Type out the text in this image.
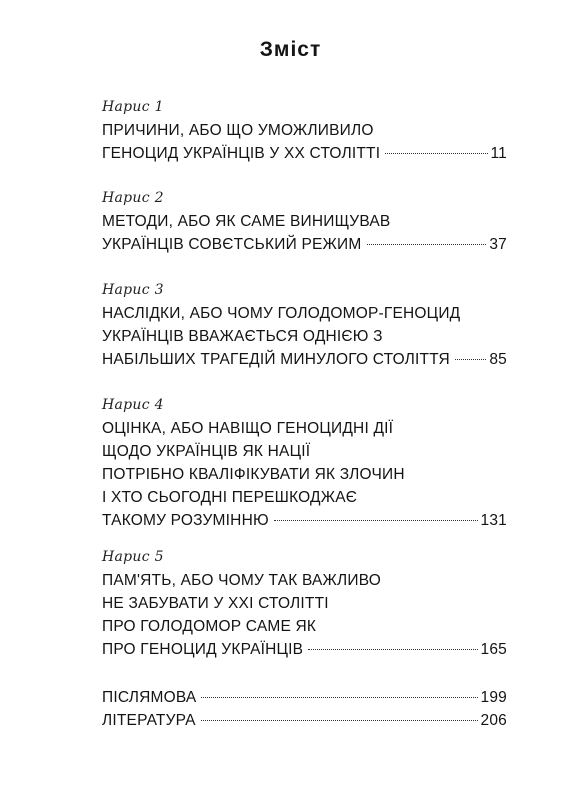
Зміст
Нарис 1
ПРИЧИНИ, АБО ЩО УМОЖЛИВИЛО
ГЕНОЦИД УКРАЇНЦІВ У XX СТОЛІТТІ	11
Нарис 2
МЕТОДИ, АБО ЯК САМЕ ВИНИЩУВАВ
УКРАЇНЦІВ СОВЄТСЬКИЙ РЕЖИМ	37
Нарис 3
НАСЛІДКИ, АБО ЧОМУ ГОЛОДОМОР-ГЕНОЦИД
УКРАЇНЦІВ ВВАЖАЄТЬСЯ ОДНІЄЮ З
НАБІЛЬШИХ ТРАГЕДІЙ МИНУЛОГО СТОЛІТТЯ	85
Нарис 4
ОЦІНКА, АБО НАВІЩО ГЕНОЦИДНІ ДІЇ
ЩОДО УКРАЇНЦІВ ЯК НАЦІЇ
ПОТРІБНО КВАЛІФІКУВАТИ ЯК ЗЛОЧИН
І ХТО СЬОГОДНІ ПЕРЕШКОДЖАЄ
ТАКОМУ РОЗУМІННЮ	131
Нарис 5
ПАМ'ЯТЬ, АБО ЧОМУ ТАК ВАЖЛИВО
НЕ ЗАБУВАТИ У XXI СТОЛІТТІ
ПРО ГОЛОДОМОР САМЕ ЯК
ПРО ГЕНОЦИД УКРАЇНЦІВ	165
ПІСЛЯМОВА	199
ЛІТЕРАТУРА	206
